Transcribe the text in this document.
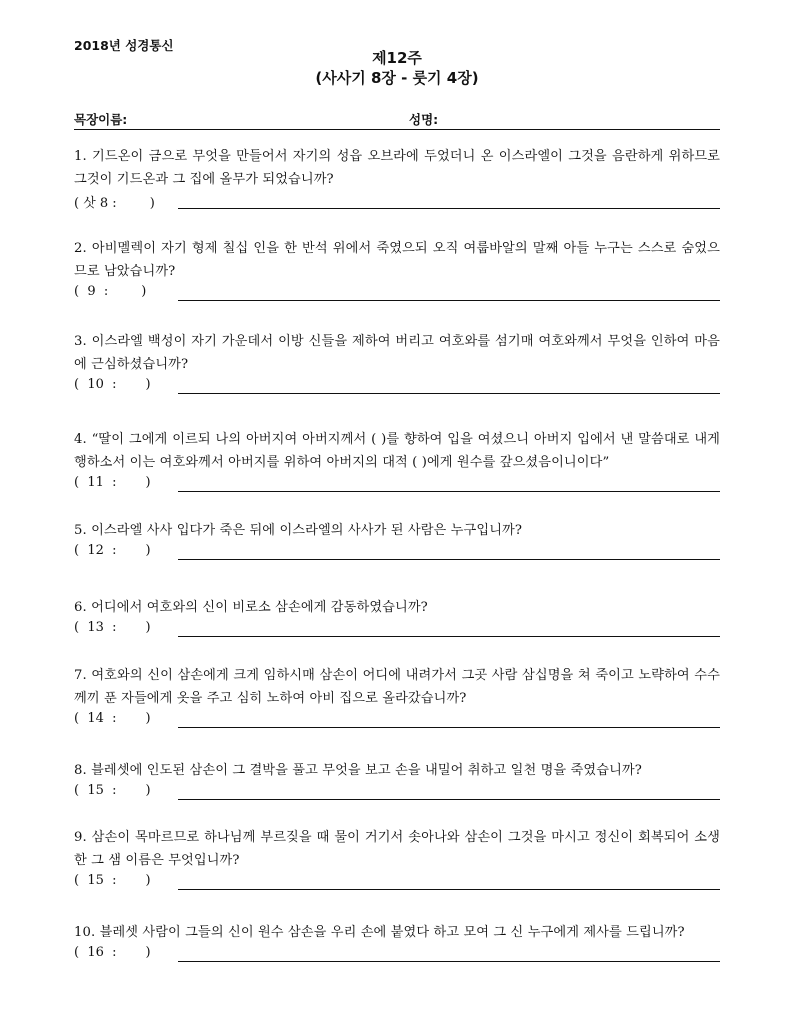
2018년 성경통신
제12주
(사사기 8장 - 룻기 4장)
목장이름:	성명:
1. 기드온이 금으로 무엇을 만들어서 자기의 성읍 오브라에 두었더니 온 이스라엘이 그것을 음란하게 위하므로 그것이 기드온과 그 집에 올무가 되었습니까?
( 삿 8 :        )
2. 아비멜렉이 자기 형제 칠십 인을 한 반석 위에서 죽였으되 오직 여룹바알의 말째 아들 누구는 스스로 숨었으므로 남았습니까?
(  9  :        )
3. 이스라엘 백성이 자기 가운데서 이방 신들을 제하여 버리고 여호와를 섬기매 여호와께서 무엇을 인하여 마음에 근심하셨습니까?
(  10  :       )
4. “딸이 그에게 이르되 나의 아버지여 아버지께서 ( )를 향하여 입을 여셨으니 아버지 입에서 낸 말씀대로 내게 행하소서 이는 여호와께서 아버지를 위하여 아버지의 대적 ( )에게 원수를 갚으셨음이니이다”
(  11  :       )
5. 이스라엘 사사 입다가 죽은 뒤에 이스라엘의 사사가 된 사람은 누구입니까?
(  12  :       )
6. 어디에서 여호와의 신이 비로소 삼손에게 감동하였습니까?
(  13  :       )
7. 여호와의 신이 삼손에게 크게 임하시매 삼손이 어디에 내려가서 그곳 사람 삼십명을 쳐 죽이고 노략하여 수수께끼 푼 자들에게 옷을 주고 심히 노하여 아비 집으로 올라갔습니까?
(  14  :       )
8. 블레셋에 인도된 삼손이 그 결박을 풀고 무엇을 보고 손을 내밀어 취하고 일천 명을 죽였습니까?
(  15  :       )
9. 삼손이 목마르므로 하나님께 부르짖을 때 물이 거기서 솟아나와 삼손이 그것을 마시고 정신이 회복되어 소생한 그 샘 이름은 무엇입니까?
(  15  :       )
10. 블레셋 사람이 그들의 신이 원수 삼손을 우리 손에 붙였다 하고 모여 그 신 누구에게 제사를 드립니까?
(  16  :       )
